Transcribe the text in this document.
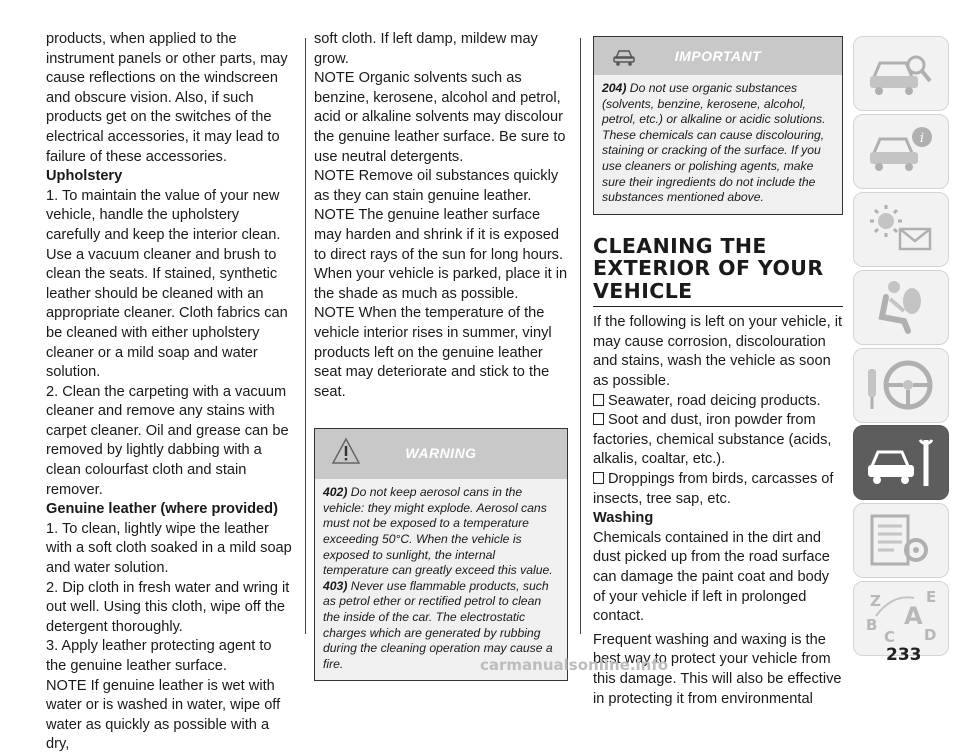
products, when applied to the instrument panels or other parts, may cause reflections on the windscreen and obscure vision. Also, if such products get on the switches of the electrical accessories, it may lead to failure of these accessories.

Upholstery

1. To maintain the value of your new vehicle, handle the upholstery carefully and keep the interior clean. Use a vacuum cleaner and brush to clean the seats. If stained, synthetic leather should be cleaned with an appropriate cleaner. Cloth fabrics can be cleaned with either upholstery cleaner or a mild soap and water solution.

2. Clean the carpeting with a vacuum cleaner and remove any stains with carpet cleaner. Oil and grease can be removed by lightly dabbing with a clean colourfast cloth and stain remover.

Genuine leather (where provided)

1. To clean, lightly wipe the leather with a soft cloth soaked in a mild soap and water solution.

2. Dip cloth in fresh water and wring it out well. Using this cloth, wipe off the detergent thoroughly.

3. Apply leather protecting agent to the genuine leather surface.

NOTE If genuine leather is wet with water or is washed in water, wipe off water as quickly as possible with a dry,

soft cloth. If left damp, mildew may grow.

NOTE Organic solvents such as benzine, kerosene, alcohol and petrol, acid or alkaline solvents may discolour the genuine leather surface. Be sure to use neutral detergents.

NOTE Remove oil substances quickly as they can stain genuine leather.

NOTE The genuine leather surface may harden and shrink if it is exposed to direct rays of the sun for long hours. When your vehicle is parked, place it in the shade as much as possible.

NOTE When the temperature of the vehicle interior rises in summer, vinyl products left on the genuine leather seat may deteriorate and stick to the seat.

WARNING

402) Do not keep aerosol cans in the vehicle: they might explode. Aerosol cans must not be exposed to a temperature exceeding 50°C. When the vehicle is exposed to sunlight, the internal temperature can greatly exceed this value.

403) Never use flammable products, such as petrol ether or rectified petrol to clean the inside of the car. The electrostatic charges which are generated by rubbing during the cleaning operation may cause a fire.

IMPORTANT

204) Do not use organic substances (solvents, benzine, kerosene, alcohol, petrol, etc.) or alkaline or acidic solutions. These chemicals can cause discolouring, staining or cracking of the surface. If you use cleaners or polishing agents, make sure their ingredients do not include the substances mentioned above.

CLEANING THE EXTERIOR OF YOUR VEHICLE

If the following is left on your vehicle, it may cause corrosion, discolouration and stains, wash the vehicle as soon as possible.

Seawater, road deicing products.

Soot and dust, iron powder from factories, chemical substance (acids, alkalis, coaltar, etc.).

Droppings from birds, carcasses of insects, tree sap, etc.

Washing

Chemicals contained in the dirt and dust picked up from the road surface can damage the paint coat and body of your vehicle if left in prolonged contact.

Frequent washing and waxing is the best way to protect your vehicle from this damage. This will also be effective in protecting it from environmental

i
Z	E
A
B
C D
233
carmanualsonline.info
